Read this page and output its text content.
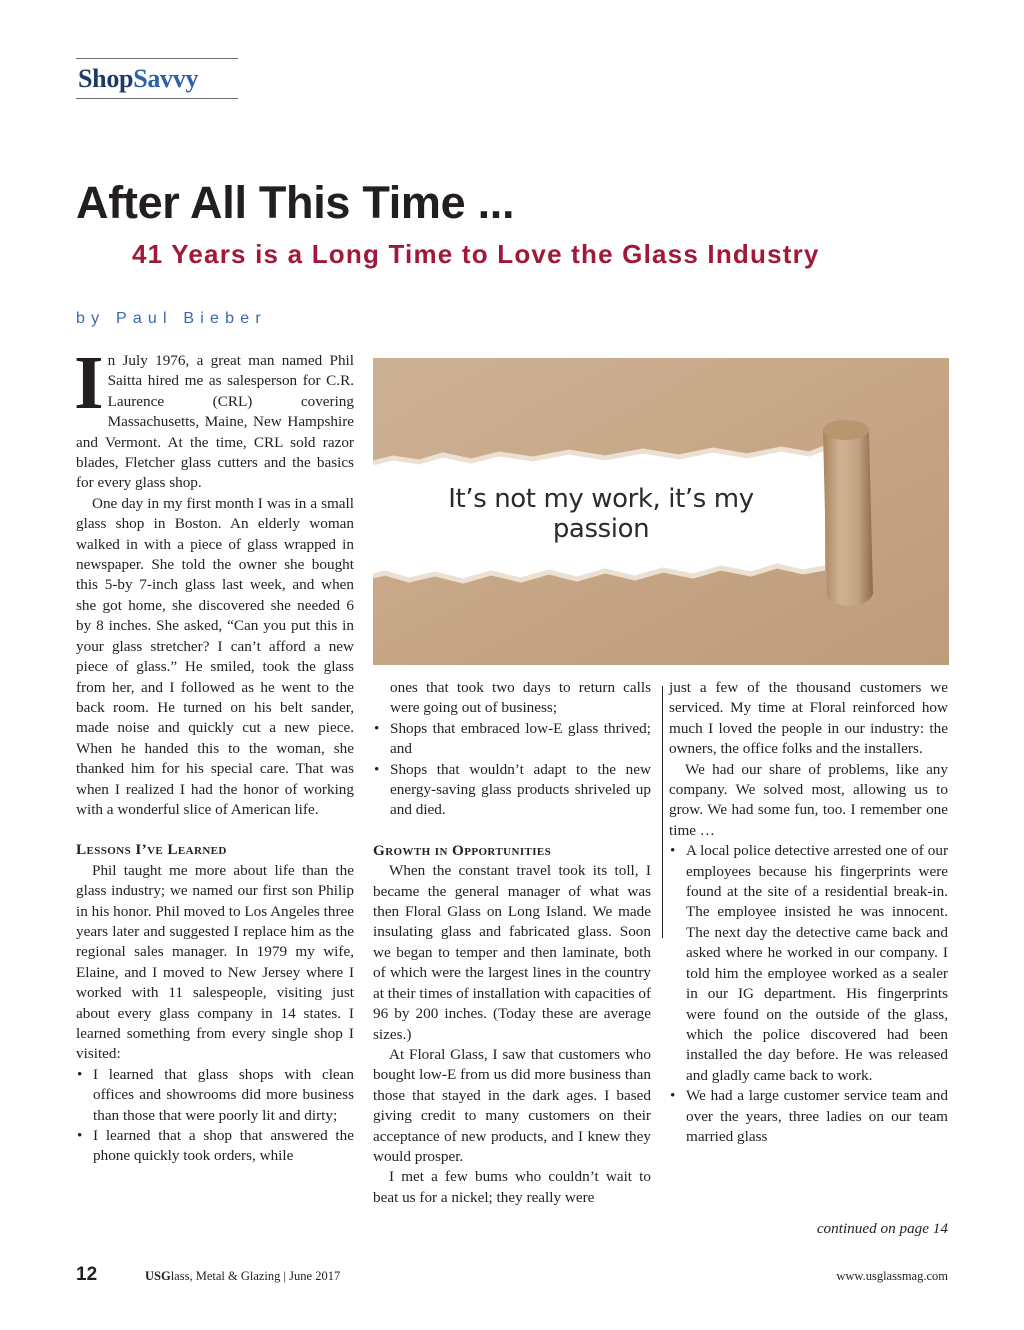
ShopSavvy
After All This Time ...
41 Years is a Long Time to Love the Glass Industry
by Paul Bieber
I n July 1976, a great man named Phil Saitta hired me as salesperson for C.R. Laurence (CRL) covering Massachusetts, Maine, New Hampshire and Vermont. At the time, CRL sold razor blades, Fletcher glass cutters and the basics for every glass shop.

One day in my first month I was in a small glass shop in Boston. An elderly woman walked in with a piece of glass wrapped in newspaper. She told the owner she bought this 5-by 7-inch glass last week, and when she got home, she discovered she needed 6 by 8 inches. She asked, “Can you put this in your glass stretcher? I can’t afford a new piece of glass.” He smiled, took the glass from her, and I followed as he went to the back room. He turned on his belt sander, made noise and quickly cut a new piece. When he handed this to the woman, she thanked him for his special care. That was when I realized I had the honor of working with a wonderful slice of American life.

Lessons I’ve Learned

Phil taught me more about life than the glass industry; we named our first son Philip in his honor. Phil moved to Los Angeles three years later and suggested I replace him as the regional sales manager. In 1979 my wife, Elaine, and I moved to New Jersey where I worked with 11 salespeople, visiting just about every glass company in 14 states. I learned something from every single shop I visited:

• I learned that glass shops with clean offices and showrooms did more business than those that were poorly lit and dirty;
• I learned that a shop that answered the phone quickly took orders, while
It’s not my work, it’s my passion
ones that took two days to return calls were going out of business;
• Shops that embraced low-E glass thrived; and
• Shops that wouldn’t adapt to the new energy-saving glass products shriveled up and died.
Growth in Opportunities

When the constant travel took its toll, I became the general manager of what was then Floral Glass on Long Island. We made insulating glass and fabricated glass. Soon we began to temper and then laminate, both of which were the largest lines in the country at their times of installation with capacities of 96 by 200 inches. (Today these are average sizes.)

At Floral Glass, I saw that customers who bought low-E from us did more business than those that stayed in the dark ages. I based giving credit to many customers on their acceptance of new products, and I knew they would prosper.

I met a few bums who couldn’t wait to beat us for a nickel; they really were

just a few of the thousand customers we serviced. My time at Floral reinforced how much I loved the people in our industry: the owners, the office folks and the installers.

We had our share of problems, like any company. We solved most, allowing us to grow. We had some fun, too. I remember one time …

• A local police detective arrested one of our employees because his fingerprints were found at the site of a residential break-in. The employee insisted he was innocent. The next day the detective came back and asked where he worked in our company. I told him the employee worked as a sealer in our IG department. His fingerprints were found on the outside of the glass, which the police discovered had been installed the day before. He was released and gladly came back to work.
• We had a large customer service team and over the years, three ladies on our team married glass
continued on page 14
12	USGlass, Metal & Glazing | June 2017	www.usglassmag.com
